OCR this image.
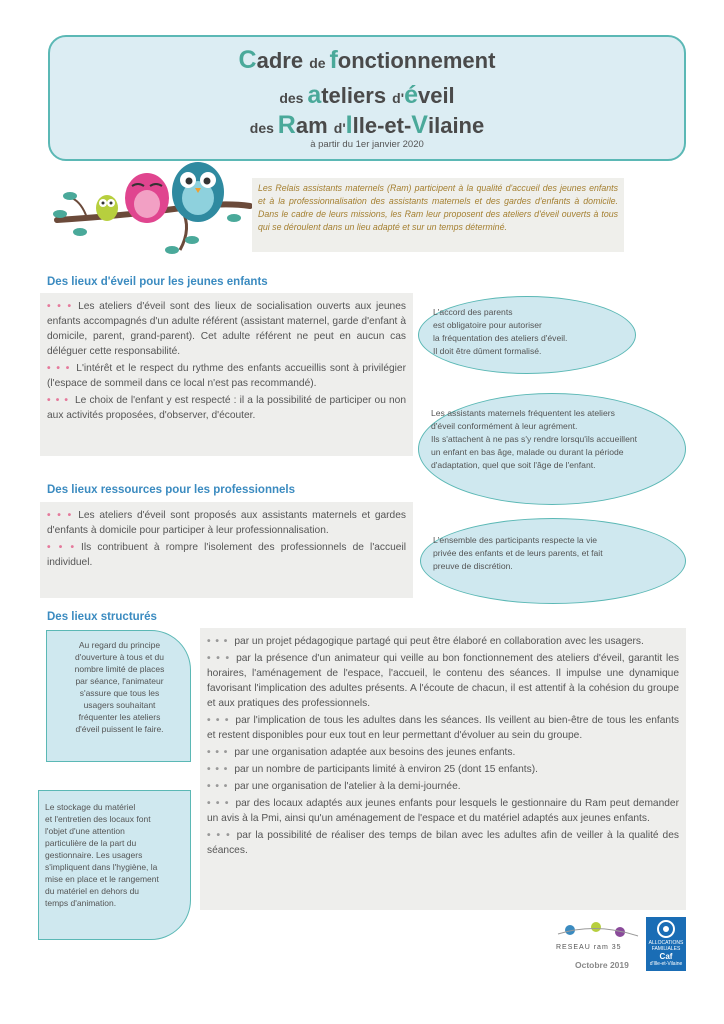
Cadre de fonctionnement
des ateliers d'éveil
des Ram d'Ille-et-Vilaine
à partir du 1er janvier 2020
Les Relais assistants maternels (Ram) participent à la qualité d'accueil des jeunes enfants et à la professionnalisation des assistants maternels et des gardes d'enfants à domicile. Dans le cadre de leurs missions, les Ram leur proposent des ateliers d'éveil ouverts à tous qui se déroulent dans un lieu adapté et sur un temps déterminé.
Des lieux d'éveil pour les jeunes enfants

• • • Les ateliers d'éveil sont des lieux de socialisation ouverts aux jeunes enfants accompagnés d'un adulte référent (assistant maternel, garde d'enfant à domicile, parent, grand-parent). Cet adulte référent ne peut en aucun cas déléguer cette responsabilité.

• • • L'intérêt et le respect du rythme des enfants accueillis sont à privilégier (l'espace de sommeil dans ce local n'est pas recommandé).

• • • Le choix de l'enfant y est respecté : il a la possibilité de participer ou non aux activités proposées, d'observer, d'écouter.

L'accord des parents
est obligatoire pour autoriser
la fréquentation des ateliers d'éveil.
Il doit être dûment formalisé.
Les assistants maternels fréquentent les ateliers
d'éveil conformément à leur agrément.
Ils s'attachent à ne pas s'y rendre lorsqu'ils accueillent
un enfant en bas âge, malade ou durant la période
d'adaptation, quel que soit l'âge de l'enfant.
Des lieux ressources pour les professionnels

• • • Les ateliers d'éveil sont proposés aux assistants maternels et gardes d'enfants à domicile pour participer à leur professionnalisation.

• • • Ils contribuent à rompre l'isolement des professionnels de l'accueil individuel.

L'ensemble des participants respecte la vie
privée des enfants et de leurs parents, et fait
preuve de discrétion.
Des lieux structurés
Au regard du principe
d'ouverture à tous et du
nombre limité de places
par séance, l'animateur
s'assure que tous les
usagers souhaitant
fréquenter les ateliers
d'éveil puissent le faire.
Le stockage du matériel
et l'entretien des locaux font
l'objet d'une attention
particulière de la part du
gestionnaire. Les usagers
s'impliquent dans l'hygiène, la
mise en place et le rangement
du matériel en dehors du
temps d'animation.

• • • par un projet pédagogique partagé qui peut être élaboré en collaboration avec les usagers.

• • • par la présence d'un animateur qui veille au bon fonctionnement des ateliers d'éveil, garantit les horaires, l'aménagement de l'espace, l'accueil, le contenu des séances. Il impulse une dynamique favorisant l'implication des adultes présents. A l'écoute de chacun, il est attentif à la cohésion du groupe et aux pratiques des professionnels.

• • • par l'implication de tous les adultes dans les séances. Ils veillent au bien-être de tous les enfants et restent disponibles pour eux tout en leur permettant d'évoluer au sein du groupe.

• • • par une organisation adaptée aux besoins des jeunes enfants.

• • • par un nombre de participants limité à environ 25 (dont 15 enfants).

• • • par une organisation de l'atelier à la demi-journée.

• • • par des locaux adaptés aux jeunes enfants pour lesquels le gestionnaire du Ram peut demander un avis à la Pmi, ainsi qu'un aménagement de l'espace et du matériel adaptés aux jeunes enfants.

• • • par la possibilité de réaliser des temps de bilan avec les adultes afin de veiller à la qualité des séances.

RESEAU ram 35
ALLOCATIONS
FAMILIALES
Caf
d'Ille-et-Vilaine
Octobre 2019
